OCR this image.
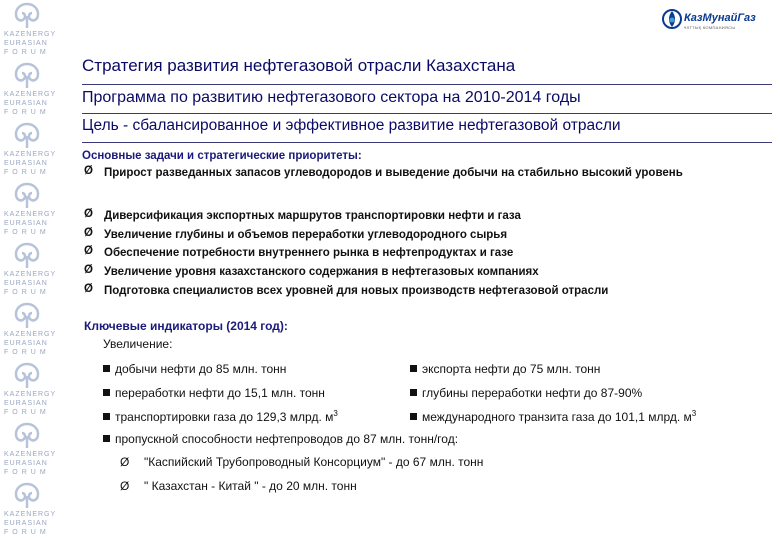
KAZENERGY
EURASIAN
FORUM
KAZENERGY
EURASIAN
FORUM
KAZENERGY
EURASIAN
FORUM
KAZENERGY
EURASIAN
FORUM
KAZENERGY
EURASIAN
FORUM
KAZENERGY
EURASIAN
FORUM
KAZENERGY
EURASIAN
FORUM
KAZENERGY
EURASIAN
FORUM
KAZENERGY
EURASIAN
FORUM
КазМунайГаз
ҰЛТТЫҚ КОМПАНИЯСЫ
Стратегия развития нефтегазовой отрасли Казахстана
Программа по развитию нефтегазового сектора на 2010-2014 годы
Цель - сбалансированное и эффективное развитие нефтегазовой отрасли
Основные задачи и стратегические приоритеты:
Ø Прирост разведанных запасов углеводородов и выведение добычи на стабильно высокий уровень
Ø Диверсификация экспортных маршрутов транспортировки нефти и газа
Ø Увеличение глубины и объемов переработки углеводородного сырья
Ø Обеспечение потребности внутреннего рынка в нефтепродуктах и газе
Ø Увеличение уровня казахстанского содержания в нефтегазовых компаниях
Ø Подготовка специалистов всех уровней для новых производств нефтегазовой отрасли
Ключевые индикаторы (2014 год):
Увеличение:
добычи нефти до 85 млн. тонн	экспорта нефти до 75 млн. тонн
переработки нефти до 15,1 млн. тонн	глубины переработки нефти до 87-90%
транспортировки газа до 129,3 млрд. $м^3$	международного транзита газа до 101,1 млрд. $м^3$
пропускной способности нефтепроводов до 87 млн. тонн/год:
Ø "Каспийский Трубопроводный Консорциум" - до 67 млн. тонн
Ø " Казахстан - Китай " - до 20 млн. тонн
